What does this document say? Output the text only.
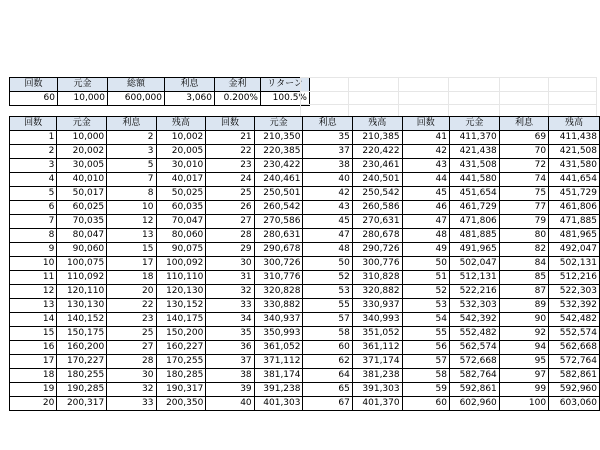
回数	元金	総額	利息	金利	リターン
60	10,000	600,000	3,060	0.200%	100.5%

回数	元金	利息	残高	回数	元金	利息	残高	回数	元金	利息	残高
1	10,000	2	10,002	21	210,350	35	210,385	41	411,370	69	411,438
2	20,002	3	20,005	22	220,385	37	220,422	42	421,438	70	421,508
3	30,005	5	30,010	23	230,422	38	230,461	43	431,508	72	431,580
4	40,010	7	40,017	24	240,461	40	240,501	44	441,580	74	441,654
5	50,017	8	50,025	25	250,501	42	250,542	45	451,654	75	451,729
6	60,025	10	60,035	26	260,542	43	260,586	46	461,729	77	461,806
7	70,035	12	70,047	27	270,586	45	270,631	47	471,806	79	471,885
8	80,047	13	80,060	28	280,631	47	280,678	48	481,885	80	481,965
9	90,060	15	90,075	29	290,678	48	290,726	49	491,965	82	492,047
10	100,075	17	100,092	30	300,726	50	300,776	50	502,047	84	502,131
11	110,092	18	110,110	31	310,776	52	310,828	51	512,131	85	512,216
12	120,110	20	120,130	32	320,828	53	320,882	52	522,216	87	522,303
13	130,130	22	130,152	33	330,882	55	330,937	53	532,303	89	532,392
14	140,152	23	140,175	34	340,937	57	340,993	54	542,392	90	542,482
15	150,175	25	150,200	35	350,993	58	351,052	55	552,482	92	552,574
16	160,200	27	160,227	36	361,052	60	361,112	56	562,574	94	562,668
17	170,227	28	170,255	37	371,112	62	371,174	57	572,668	95	572,764
18	180,255	30	180,285	38	381,174	64	381,238	58	582,764	97	582,861
19	190,285	32	190,317	39	391,238	65	391,303	59	592,861	99	592,960
20	200,317	33	200,350	40	401,303	67	401,370	60	602,960	100	603,060
